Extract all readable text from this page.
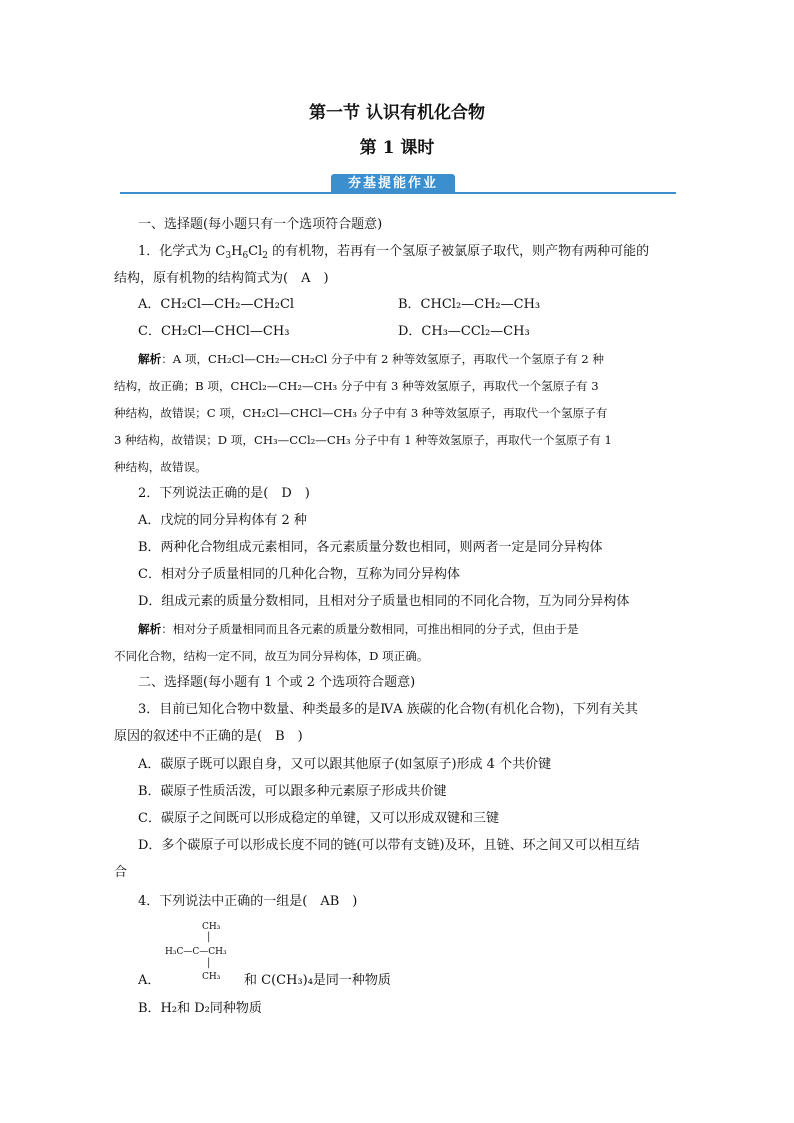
第一节 认识有机化合物
第 1 课时
夯基提能作业
一、选择题(每小题只有一个选项符合题意)
1．化学式为 $C_3H_6Cl_2$ 的有机物，若再有一个氢原子被氯原子取代，则产物有两种可能的
结构，原有机物的结构简式为(　A　)
A．CH₂Cl—CH₂—CH₂Cl	B．CHCl₂—CH₂—CH₃
C．CH₂Cl—CHCl—CH₃	D．CH₃—CCl₂—CH₃
解析：A 项，CH₂Cl—CH₂—CH₂Cl 分子中有 2 种等效氢原子，再取代一个氢原子有 2 种
结构，故正确；B 项，CHCl₂—CH₂—CH₃ 分子中有 3 种等效氢原子，再取代一个氢原子有 3
种结构，故错误；C 项，CH₂Cl—CHCl—CH₃ 分子中有 3 种等效氢原子，再取代一个氢原子有
3 种结构，故错误；D 项，CH₃—CCl₂—CH₃ 分子中有 1 种等效氢原子，再取代一个氢原子有 1
种结构，故错误。
2．下列说法正确的是(　D　)
A．戊烷的同分异构体有 2 种
B．两种化合物组成元素相同，各元素质量分数也相同，则两者一定是同分异构体
C．相对分子质量相同的几种化合物，互称为同分异构体
D．组成元素的质量分数相同，且相对分子质量也相同的不同化合物，互为同分异构体
解析：相对分子质量相同而且各元素的质量分数相同，可推出相同的分子式，但由于是
不同化合物，结构一定不同，故互为同分异构体，D 项正确。
二、选择题(每小题有 1 个或 2 个选项符合题意)
3．目前已知化合物中数量、种类最多的是ⅣA 族碳的化合物(有机化合物)，下列有关其
原因的叙述中不正确的是(　B　)
A．碳原子既可以跟自身，又可以跟其他原子(如氢原子)形成 4 个共价键
B．碳原子性质活泼，可以跟多种元素原子形成共价键
C．碳原子之间既可以形成稳定的单键，又可以形成双键和三键
D．多个碳原子可以形成长度不同的链(可以带有支链)及环，且链、环之间又可以相互结
合
4．下列说法中正确的一组是(　AB　)
CH₃
│
H₃C—C—CH₃
│
CH₃
A．	和 C(CH₃)₄是同一种物质
B．H₂和 D₂同种物质
